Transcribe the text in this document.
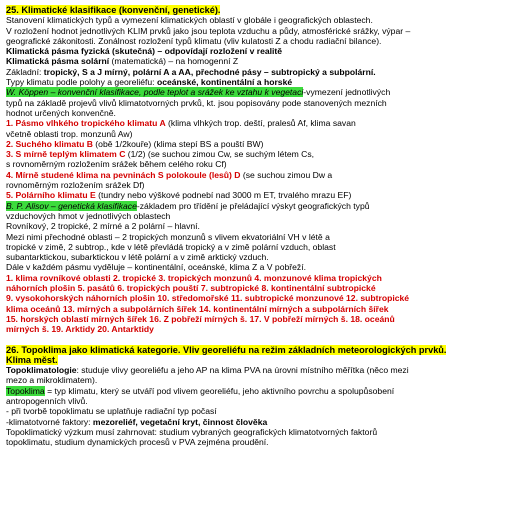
25. Klimatické klasifikace (konvenční, genetické).
Stanovení klimatických typů a vymezení klimatických oblastí v globále i geografických oblastech.
V rozložení hodnot jednotlivých KLIM prvků jako jsou teplota vzduchu a půdy, atmosférické srážky, výpar –
geografické zákonitosti. Zonálnost rozložení typů klimatu (vliv kulatosti Z a chodu radiační bilance).
Klimatická pásma fyzická (skutečná) – odpovídají rozložení v realitě
Klimatická pásma solární (matematická) – na homogenní Z
Základní: tropický, S a J mírný, polární A a AA, přechodné pásy – subtropický a subpolární.
Typy klimatu podle polohy a georeliéfu: oceánské, kontinentální a horské
W. Köppen – konvenční klasifikace, podle teplot a srážek ke vztahu k vegetaci-vymezení jednotlivých
typů na základě projevů vlivů klimatotvorných prvků, kt. jsou popisovány pode stanovených mezních
hodnot určených konvenčně.
1. Pásmo vlhkého tropického klimatu A (klima vlhkých trop. deští, pralesů Af, klima savan
včetně oblasti trop. monzunů Aw)
2. Suchého klimatu B (obě 1/2kouře) (klima stepí BS a pouští BW)
3. S mírně teplým klimatem C (1/2) (se suchou zimou Cw, se suchým létem Cs,
s rovnoměrným rozložením srážek během celého roku Cf)
4. Mírně studené klima na pevninách S polokoule (lesů) D (se suchou zimou Dw a
rovnoměrným rozložením srážek Df)
5. Polárního klimatu E (tundry nebo výškové podnebí nad 3000 m ET, trvalého mrazu EF)
B. P. Alisov – genetická klasifikace-základem pro třídění je přeládající výskyt geografických typů
vzduchových hmot v jednotlivých oblastech
Rovníkový, 2 tropické, 2 mírné a 2 polární – hlavní.
Mezi nimi přechodné oblasti – 2 tropických monzunů s vlivem ekvatoriální VH v létě a
tropické v zimě, 2 subtrop., kde v létě převládá tropický a v zimě polární vzduch, oblast
subantarktickou, subarktickou v létě polární a v zimě arktický vzduch.
Dále v každém pásmu vyděluje – kontinentální, oceánské, klima Z a V pobřeží.
1. klima rovníkové oblasti 2. tropické 3. tropických monzunů 4. monzunové klima tropických
náhorních plošin 5. pasátů 6. tropických pouští 7. subtropické 8. kontinentální subtropické
9. vysokohorských náhorních plošin 10. středomořské 11. subtropické monzunové 12. subtropické
klima oceánů 13. mírných a subpolárních šířek 14. kontinentální mírných a subpolárních šířek
15. horských oblastí mírných šířek 16. Z pobřeží mírných š. 17. V pobřeží mírných š. 18. oceánů
mírných š. 19. Arktidy 20. Antarktidy
26. Topoklima jako klimatická kategorie. Vliv georeliéfu na režim základních meteorologických prvků.
Klima měst.
Topoklimatologie: studuje vlivy georeliéfu a jeho AP na klima PVA na úrovni místního měřítka (něco mezi
mezo a mikroklimatem).
Topoklima = typ klimatu, který se utváří pod vlivem georeliéfu, jeho aktivního povrchu a spolupůsobení
antropogenních vlivů.
- při tvorbě topoklimatu se uplatňuje radiační typ počasí
-klimatotvorné faktory: mezoreliéf, vegetační kryt, činnost člověka
Topoklimatický výzkum musí zahrnovat: studium vybraných geografických klimatotvorných faktorů
topoklimatu, studium dynamických procesů v PVA zejména proudění.
